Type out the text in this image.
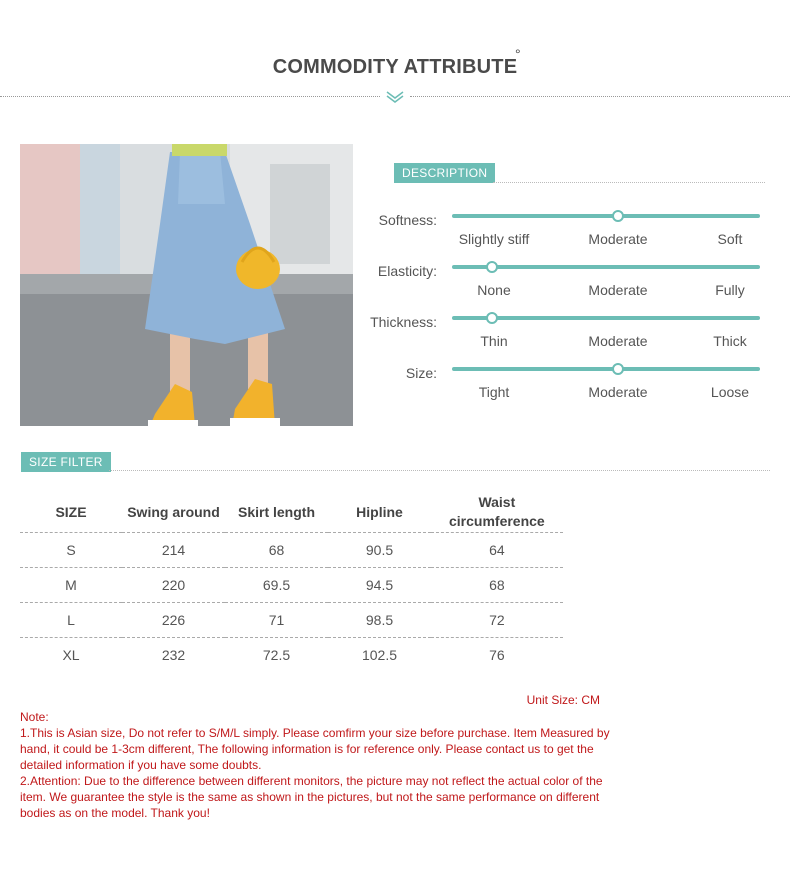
COMMODITY ATTRIBUTE
°
DESCRIPTION
Softness:
Slightly stiff	Moderate	Soft
Elasticity:
None	Moderate	Fully
Thickness:
Thin	Moderate	Thick
Size:
Tight	Moderate	Loose
SIZE FILTER
SIZE	Swing around	Skirt length	Hipline	Waist circumference
S	214	68	90.5	64
M	220	69.5	94.5	68
L	226	71	98.5	72
XL	232	72.5	102.5	76
Unit Size: CM

Note:

1.This is Asian size, Do not refer to S/M/L simply. Please comfirm your size before purchase. Item Measured by hand, it could be 1-3cm different, The following information is for reference only. Please contact us to get the detailed information if you have some doubts.

2.Attention: Due to the difference between different monitors, the picture may not reflect the actual color of the item. We guarantee the style is the same as shown in the pictures, but not the same performance on different bodies as on the model. Thank you!
